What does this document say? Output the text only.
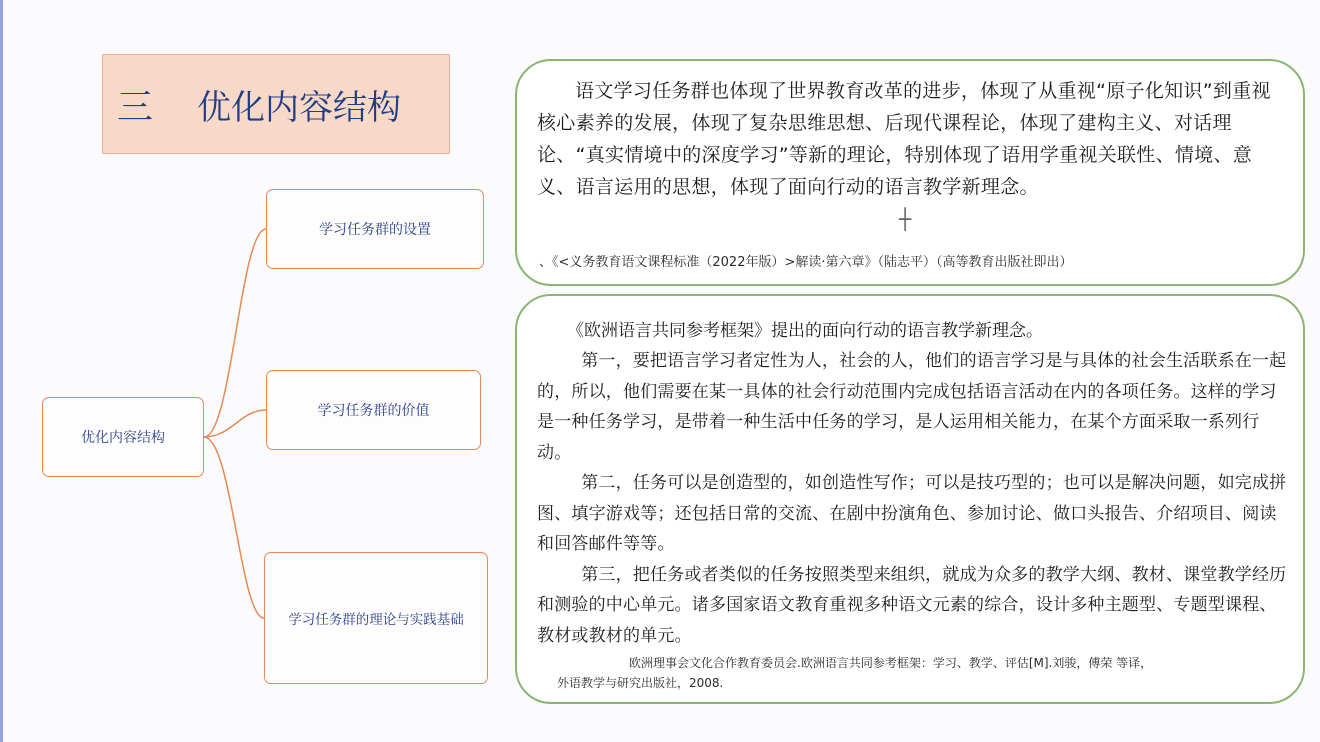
三 优化内容结构
优化内容结构
学习任务群的设置
学习任务群的价值
学习任务群的理论与实践基础
语文学习任务群也体现了世界教育改革的进步，体现了从重视“原子化知识”到重视核心素养的发展，体现了复杂思维思想、后现代课程论，体现了建构主义、对话理论、“真实情境中的深度学习”等新的理论，特别体现了语用学重视关联性、情境、意义、语言运用的思想，体现了面向行动的语言教学新理念。
┼
、《<义务教育语文课程标准（2022年版）>解读·第六章》（陆志平）（高等教育出版社即出）
《欧洲语言共同参考框架》提出的面向行动的语言教学新理念。

第一，要把语言学习者定性为人，社会的人，他们的语言学习是与具体的社会生活联系在一起的，所以，他们需要在某一具体的社会行动范围内完成包括语言活动在内的各项任务。这样的学习是一种任务学习，是带着一种生活中任务的学习，是人运用相关能力，在某个方面采取一系列行动。

第二，任务可以是创造型的，如创造性写作；可以是技巧型的；也可以是解决问题，如完成拼图、填字游戏等；还包括日常的交流、在剧中扮演角色、参加讨论、做口头报告、介绍项目、阅读和回答邮件等等。

第三，把任务或者类似的任务按照类型来组织，就成为众多的教学大纲、教材、课堂教学经历和测验的中心单元。诸多国家语文教育重视多种语文元素的综合，设计多种主题型、专题型课程、教材或教材的单元。

欧洲理事会文化合作教育委员会.欧洲语言共同参考框架：学习、教学、评估[M].刘骏，傅荣 等译，
外语教学与研究出版社，2008.
